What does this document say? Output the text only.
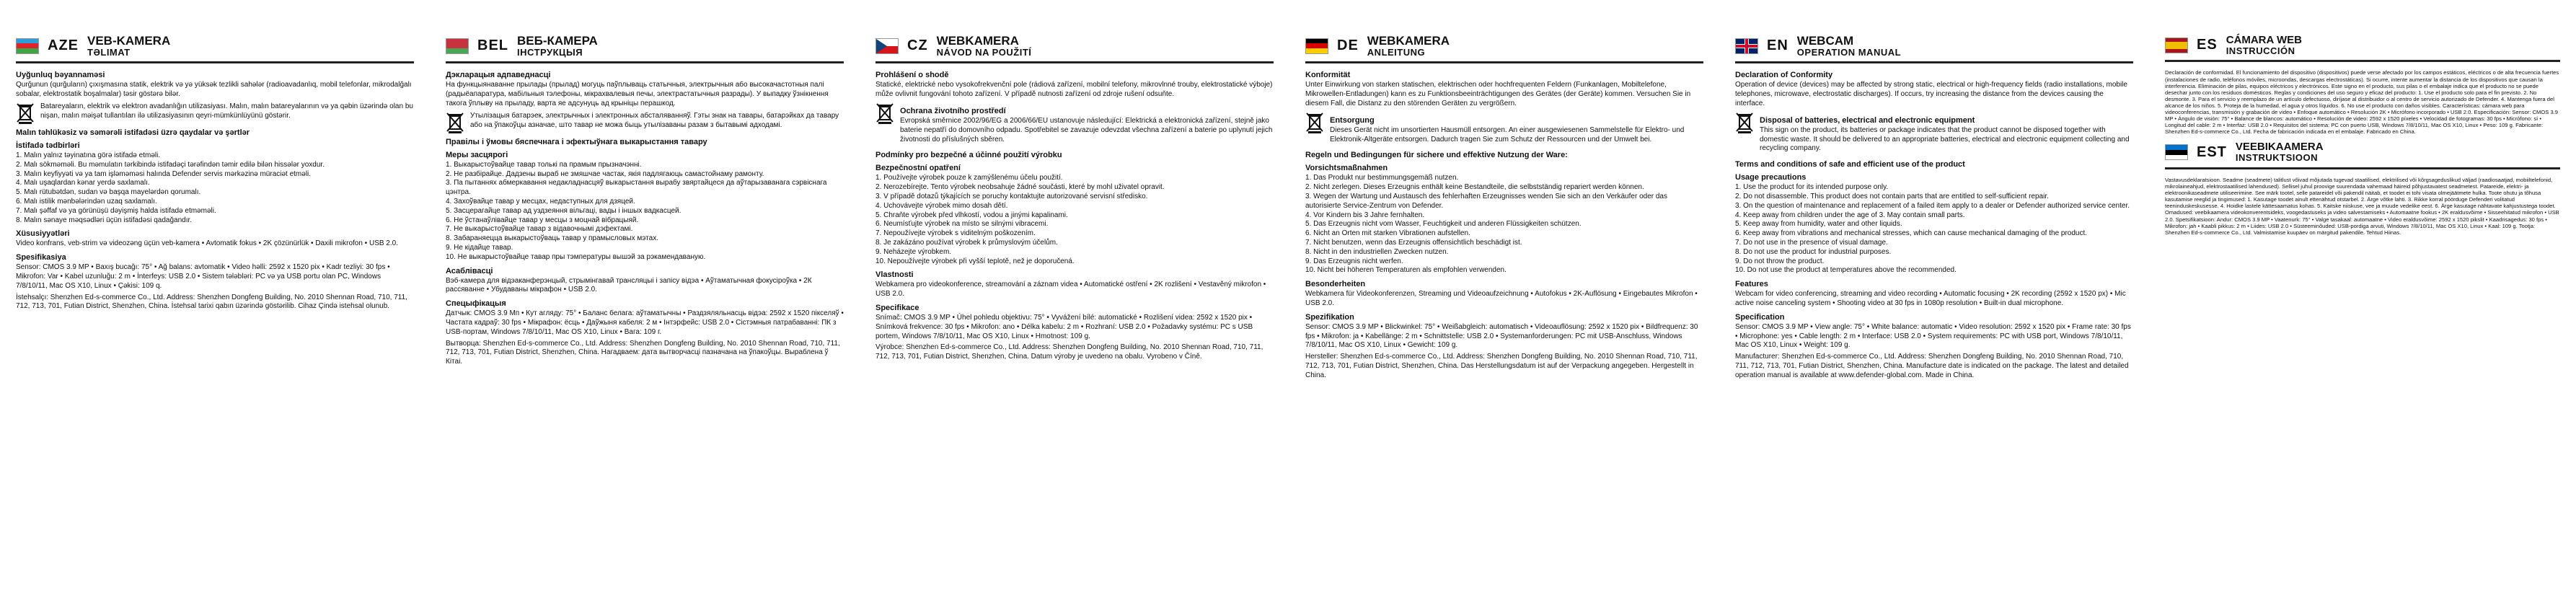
AZE VEB-KAMERA
TƏLIMAT
Uyğunluq bəyannaməsi

Qurğunun (qurğuların) çıxışmasına statik, elektrik və yə yüksək tezlikli sahələr (radioavadanlıq, mobil telefonlar, mikrodalğalı sobalar, elektrostatik boşalmalar) təsir göstərə bilər.

Batareyaların, elektrik və elektron avadanlığın utilizasiyası. Malın, malın batareyalarının və ya qəbin üzərində olan bu nişan, malın məişət tullantıları ilə utilizasiyasının qeyri-mümkünlüyünü göstərir.

Malın təhlükəsiz və səmərəli istifadəsi üzrə qaydalar və şərtlər
İstifadə tədbirləri
1. Malın yalnız təyinatına görə istifadə etməli.
2. Malı sökməməli. Bu məmulatın tərkibində istifadəçi tərəfindən təmir edilə bilən hissələr yoxdur.
3. Malın keyfiyyəti və ya tam işləməməsi halında Defender servis mərkəzinə müraciət etməli.
4. Malı uşaqlardan kənar yerdə saxlamalı.
5. Malı rütubətdən, sudan və başqa mayelərdən qorumalı.
6. Malı istilik mənbələrindən uzaq saxlamalı.
7. Malı şəffaf və ya görünüşü dəyişmiş halda istifadə etməməli.
8. Malın sənaye məqsədləri üçün istifadəsi qadağandır.
Xüsusiyyətləri

Video konfrans, veb-strim və videozəng üçün veb-kamera • Avtomatik fokus • 2K çözünürlük • Daxili mikrofon • USB 2.0.

Spesifikasiya

Sensor: CMOS 3.9 MP • Baxış bucağı: 75° • Ağ balans: avtomatik • Video həlli: 2592 x 1520 pix • Kadr tezliyi: 30 fps • Mikrofon: Var • Kabel uzunluğu: 2 m • İnterfeys: USB 2.0 • Sistem tələbləri: PC və ya USB portu olan PC, Windows 7/8/10/11, Mac OS X10, Linux • Çəkisi: 109 q.

İstehsalçı: Shenzhen Ed-s-commerce Co., Ltd. Address: Shenzhen Dongfeng Building, No. 2010 Shennan Road, 710, 711, 712, 713, 701, Futian District, Shenzhen, China. İstehsal tarixi qabın üzərində göstərilib. Cihaz Çində istehsal olunub.

BEL ВЕБ-КАМЕРА
ІНСТРУКЦЫЯ
Дэкларацыя адпаведнасці

На функцыянаванне прылады (прылад) могуць паўплываць статычныя, электрычныя або высокачастотныя палі (радыёапаратура, мабільныя тэлефоны, мікрахвалевыя печы, электрастатычныя разрады). У выпадку ўзнікнення такога ўплыву на прыладу, варта яе адсунуць ад крыніцы перашкод.

Утылізацыя батарэек, электрычных і электронных абсталяванняў. Гэты знак на тавары, батарэйках да тавару або на ўпакоўцы азначае, што тавар не можа быць утылізаваны разам з бытавымі адходамі.

Правілы і ўмовы бяспечнага і эфектыўнага выкарыстання тавару
Меры засцярогі
1. Выкарыстоўвайце тавар толькі па прамым прызначэнні.
2. Не разбірайце. Дадзены выраб не змяшчае частак, якія падлягаюць самастойнаму рамонту.
3. Па пытаннях абмеркавання недакладнасцяў выкарыстання вырабу звяртайцеся да аўтарызаванага сэрвіснага цэнтра.
4. Захоўвайце тавар у месцах, недаступных для дзяцей.
5. Засцерагайце тавар ад уздзеяння вільгаці, вады і іншых вадкасцей.
6. Не ўстанаўлівайце тавар у месцы з моцнай вібрацыяй.
7. Не выкарыстоўвайце тавар з відавочнымі дэфектамі.
8. Забараняецца выкарыстоўваць тавар у прамысловых мэтах.
9. Не кідайце тавар.
10. Не выкарыстоўвайце тавар пры тэмпературы вышэй за рэкамендаваную.
Асаблівасці

Вэб-камера для відэаканферэнцый, стрымінгавай трансляцыі і запісу відэа • Аўтаматычная фокусіроўка • 2К рассяванне • Убудаваны мікрафон • USB 2.0.

Спецыфікацыя

Датчык: CMOS 3.9 Мп • Кут агляду: 75° • Баланс белага: аўтаматычны • Раздзяляльнасць відэа: 2592 x 1520 пікселяў • Частата кадраў: 30 fps • Мікрафон: ёсць • Даўжыня кабеля: 2 м • Інтэрфейс: USB 2.0 • Сістэмныя патрабаванні: ПК з USB-портам, Windows 7/8/10/11, Mac OS X10, Linux • Вага: 109 г.

Вытворца: Shenzhen Ed-s-commerce Co., Ltd. Address: Shenzhen Dongfeng Building, No. 2010 Shennan Road, 710, 711, 712, 713, 701, Futian District, Shenzhen, China. Нагадваем: дата вытворчасці пазначана на ўпакоўцы. Выраблена ў Кітаі.

CZ WEBKAMERA
NÁVOD NA POUŽITÍ
Prohlášení o shodě

Statické, elektrické nebo vysokofrekvenční pole (rádiová zařízení, mobilní telefony, mikrovlnné trouby, elektrostatické výboje) může ovlivnit fungování tohoto zařízení. V případě nutnosti zařízení od zdroje rušení odsuňte.

Ochrana životního prostředí

Evropská směrnice 2002/96/EG a 2006/66/EU ustanovuje následující: Elektrická a elektronická zařízení, stejně jako baterie nepatří do domovního odpadu. Spotřebitel se zavazuje odevzdat všechna zařízení a baterie po uplynutí jejich životnosti do příslušných sběren.

Podmínky pro bezpečné a účinné použití výrobku
Bezpečnostní opatření
1. Používejte výrobek pouze k zamýšlenému účelu použití.
2. Nerozebírejte. Tento výrobek neobsahuje žádné součásti, které by mohl uživatel opravit.
3. V případě dotazů týkajících se poruchy kontaktujte autorizované servisní středisko.
4. Uchovávejte výrobek mimo dosah dětí.
5. Chraňte výrobek před vlhkostí, vodou a jinými kapalinami.
6. Neumísťujte výrobek na místo se silnými vibracemi.
7. Nepoužívejte výrobek s viditelným poškozením.
8. Je zakázáno používat výrobek k průmyslovým účelům.
9. Neházejte výrobkem.
10. Nepoužívejte výrobek při vyšší teplotě, než je doporučená.
Vlastnosti

Webkamera pro videokonference, streamování a záznam videa • Automatické ostření • 2K rozlišení • Vestavěný mikrofon • USB 2.0.

Specifikace

Snímač: CMOS 3.9 MP • Úhel pohledu objektivu: 75° • Vyvážení bílé: automatické • Rozlišení videa: 2592 x 1520 pix • Snímková frekvence: 30 fps • Mikrofon: ano • Délka kabelu: 2 m • Rozhraní: USB 2.0 • Požadavky systému: PC s USB portem, Windows 7/8/10/11, Mac OS X10, Linux • Hmotnost: 109 g.

Výrobce: Shenzhen Ed-s-commerce Co., Ltd. Address: Shenzhen Dongfeng Building, No. 2010 Shennan Road, 710, 711, 712, 713, 701, Futian District, Shenzhen, China. Datum výroby je uvedeno na obalu. Vyrobeno v Číně.

DE WEBKAMERA
ANLEITUNG
Konformität

Unter Einwirkung von starken statischen, elektrischen oder hochfrequenten Feldern (Funkanlagen, Mobiltelefone, Mikrowellen-Entladungen) kann es zu Funktionsbeeinträchtigungen des Gerätes (der Geräte) kommen. Versuchen Sie in diesem Fall, die Distanz zu den störenden Geräten zu vergrößern.

Entsorgung

Dieses Gerät nicht im unsortierten Hausmüll entsorgen. An einer ausgewiesenen Sammelstelle für Elektro- und Elektronik-Altgeräte entsorgen. Dadurch tragen Sie zum Schutz der Ressourcen und der Umwelt bei.

Regeln und Bedingungen für sichere und effektive Nutzung der Ware:
Vorsichtsmaßnahmen
1. Das Produkt nur bestimmungsgemäß nutzen.
2. Nicht zerlegen. Dieses Erzeugnis enthält keine Bestandteile, die selbstständig repariert werden können.
3. Wegen der Wartung und Austausch des fehlerhaften Erzeugnisses wenden Sie sich an den Verkäufer oder das autorisierte Service-Zentrum von Defender.
4. Vor Kindern bis 3 Jahre fernhalten.
5. Das Erzeugnis nicht vom Wasser, Feuchtigkeit und anderen Flüssigkeiten schützen.
6. Nicht an Orten mit starken Vibrationen aufstellen.
7. Nicht benutzen, wenn das Erzeugnis offensichtlich beschädigt ist.
8. Nicht in den industriellen Zwecken nutzen.
9. Das Erzeugnis nicht werfen.
10. Nicht bei höheren Temperaturen als empfohlen verwenden.
Besonderheiten

Webkamera für Videokonferenzen, Streaming und Videoaufzeichnung • Autofokus • 2K-Auflösung • Eingebautes Mikrofon • USB 2.0.

Spezifikation

Sensor: CMOS 3.9 MP • Blickwinkel: 75° • Weißabgleich: automatisch • Videoauflösung: 2592 x 1520 pix • Bildfrequenz: 30 fps • Mikrofon: ja • Kabellänge: 2 m • Schnittstelle: USB 2.0 • Systemanforderungen: PC mit USB-Anschluss, Windows 7/8/10/11, Mac OS X10, Linux • Gewicht: 109 g.

Hersteller: Shenzhen Ed-s-commerce Co., Ltd. Address: Shenzhen Dongfeng Building, No. 2010 Shennan Road, 710, 711, 712, 713, 701, Futian District, Shenzhen, China. Das Herstellungsdatum ist auf der Verpackung angegeben. Hergestellt in China.

EN WEBCAM
OPERATION MANUAL
Declaration of Conformity

Operation of device (devices) may be affected by strong static, electrical or high-frequency fields (radio installations, mobile telephones, microwave, electrostatic discharges). If occurs, try increasing the distance from the devices causing the interface.

Disposal of batteries, electrical and electronic equipment

This sign on the product, its batteries or package indicates that the product cannot be disposed together with domestic waste. It should be delivered to an appropriate batteries, electrical and electronic equipment collecting and recycling company.

Terms and conditions of safe and efficient use of the product
Usage precautions
1. Use the product for its intended purpose only.
2. Do not disassemble. This product does not contain parts that are entitled to self-sufficient repair.
3. On the question of maintenance and replacement of a failed item apply to a dealer or Defender authorized service center.
4. Keep away from children under the age of 3. May contain small parts.
5. Keep away from humidity, water and other liquids.
6. Keep away from vibrations and mechanical stresses, which can cause mechanical damaging of the product.
7. Do not use in the presence of visual damage.
8. Do not use the product for industrial purposes.
9. Do not throw the product.
10. Do not use the product at temperatures above the recommended.
Features

Webcam for video conferencing, streaming and video recording • Automatic focusing • 2K recording (2592 x 1520 px) • Mic active noise canceling system • Shooting video at 30 fps in 1080p resolution • Built-in dual microphone.

Specification

Sensor: CMOS 3.9 MP • View angle: 75° • White balance: automatic • Video resolution: 2592 x 1520 pix • Frame rate: 30 fps • Microphone: yes • Cable length: 2 m • Interface: USB 2.0 • System requirements: PC with USB port, Windows 7/8/10/11, Mac OS X10, Linux • Weight: 109 g.

Manufacturer: Shenzhen Ed-s-commerce Co., Ltd. Address: Shenzhen Dongfeng Building, No. 2010 Shennan Road, 710, 711, 712, 713, 701, Futian District, Shenzhen, China. Manufacture date is indicated on the package. The latest and detailed operation manual is available at www.defender-global.com. Made in China.

ES CÁMARA WEB
INSTRUCCIÓN

Declaración de conformidad. El funcionamiento del dispositivo (dispositivos) puede verse afectado por los campos estáticos, eléctricos o de alta frecuencia fuertes (instalaciones de radio, teléfonos móviles, microondas, descargas electrostáticas). Si ocurre, intente aumentar la distancia de los dispositivos que causan la interferencia. Eliminación de pilas, equipos eléctricos y electrónicos. Este signo en el producto, sus pilas o el embalaje indica que el producto no se puede desechar junto con los residuos domésticos. Reglas y condiciones del uso seguro y eficaz del producto: 1. Use el producto solo para el fin previsto. 2. No desmonte. 3. Para el servicio y reemplazo de un artículo defectuoso, diríjase al distribuidor o al centro de servicio autorizado de Defender. 4. Mantenga fuera del alcance de los niños. 5. Proteja de la humedad, el agua y otros líquidos. 6. No use el producto con daños visibles. Características: cámara web para videoconferencias, transmisión y grabación de video • Enfoque automático • Resolución 2K • Micrófono incorporado • USB 2.0. Especificación: Sensor: CMOS 3.9 MP • Ángulo de visión: 75° • Balance de blancos: automático • Resolución de video: 2592 x 1520 píxeles • Velocidad de fotogramas: 30 fps • Micrófono: sí • Longitud del cable: 2 m • Interfaz: USB 2.0 • Requisitos del sistema: PC con puerto USB, Windows 7/8/10/11, Mac OS X10, Linux • Peso: 109 g. Fabricante: Shenzhen Ed-s-commerce Co., Ltd. Fecha de fabricación indicada en el embalaje. Fabricado en China.

EST VEEBIKAAMERA
INSTRUKTSIOON

Vastavusdeklaratsioon. Seadme (seadmete) talitlust võivad mõjutada tugevad staatilised, elektrilised või kõrgsageduslikud väljad (raadiosaatjad, mobiiltelefonid, mikrolaineahjud, elektrostaatilised lahendused). Sellisel juhul proovige suurendada vahemaad häireid põhjustavatest seadmetest. Patareide, elektri- ja elektroonikaseadmete utiliseerimine. See märk tootel, selle patareidel või pakendil näitab, et toodet ei tohi visata olmejäätmete hulka. Toote ohutu ja tõhusa kasutamise reeglid ja tingimused: 1. Kasutage toodet ainult ettenähtud otstarbel. 2. Ärge võtke lahti. 3. Rikke korral pöörduge Defenderi volitatud teeninduskeskusesse. 4. Hoidke lastele kättesaamatus kohas. 5. Kaitske niiskuse, vee ja muude vedelike eest. 6. Ärge kasutage nähtavate kahjustustega toodet. Omadused: veebikaamera videokonverentsideks, voogedastuseks ja video salvestamiseks • Automaatne fookus • 2K eraldusvõime • Sisseehitatud mikrofon • USB 2.0. Spetsifikatsioon: Andur: CMOS 3.9 MP • Vaatenurk: 75° • Valge tasakaal: automaatne • Video eraldusvõime: 2592 x 1520 pikslit • Kaadrisagedus: 30 fps • Mikrofon: jah • Kaabli pikkus: 2 m • Liides: USB 2.0 • Süsteeminõuded: USB-pordiga arvuti, Windows 7/8/10/11, Mac OS X10, Linux • Kaal: 109 g. Tootja: Shenzhen Ed-s-commerce Co., Ltd. Valmistamise kuupäev on märgitud pakendile. Tehtud Hiinas.
